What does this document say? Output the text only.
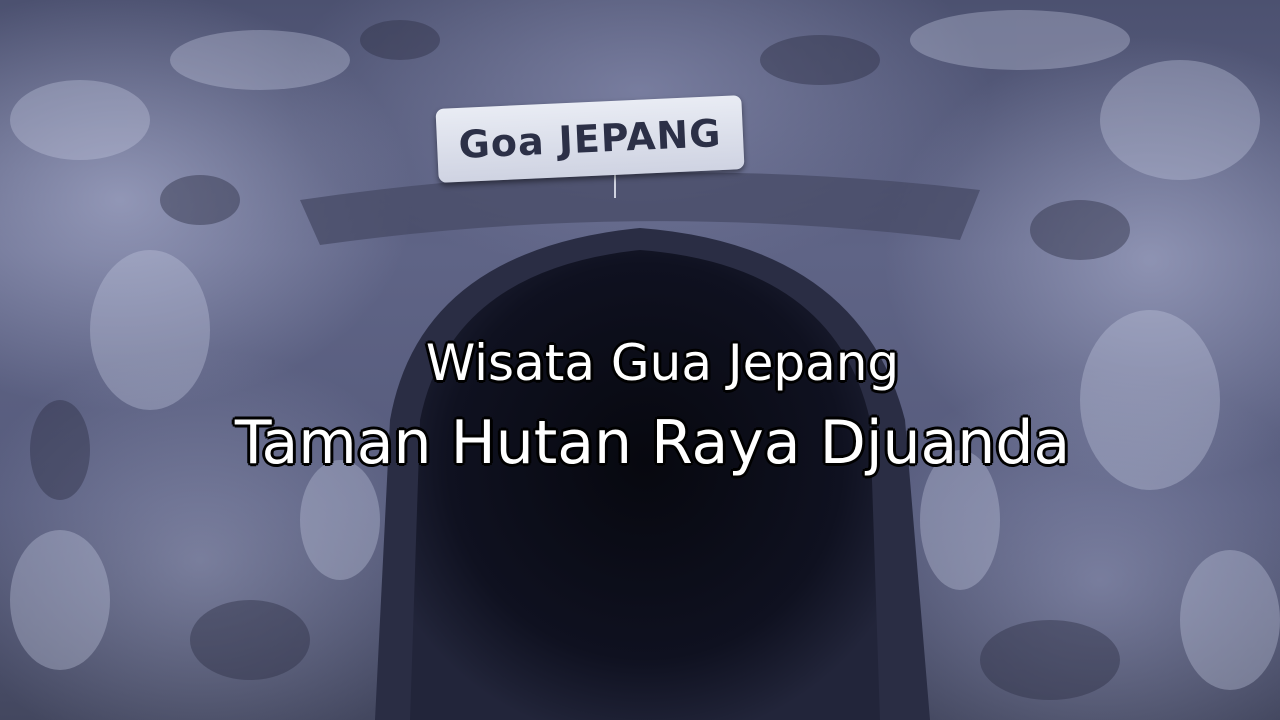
Goa JEPANG
Wisata Gua Jepang
Taman Hutan Raya Djuanda
